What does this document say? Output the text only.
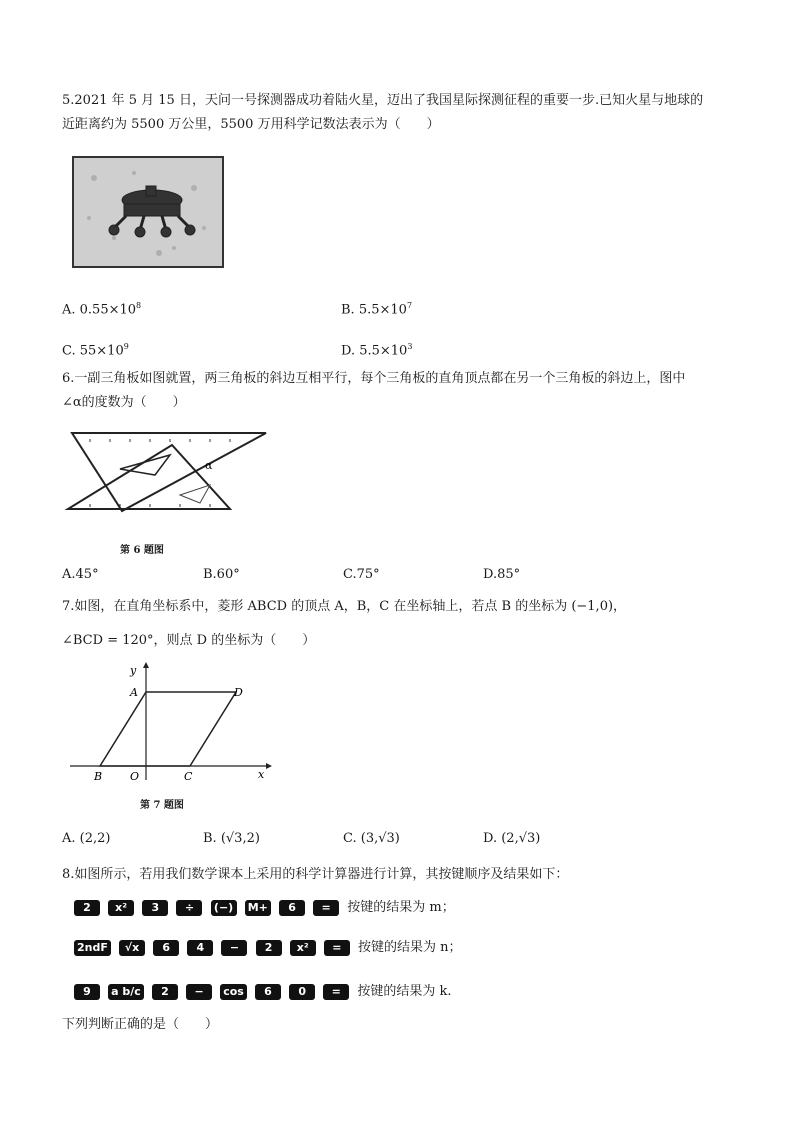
5.2021 年 5 月 15 日，天问一号探测器成功着陆火星，迈出了我国星际探测征程的重要一步.已知火星与地球的
近距离约为 5500 万公里，5500 万用科学记数法表示为（　　）
A. $0.55\times 10^8$	B. $5.5\times 10^7$
C. $55\times 10^9$	D. $5.5\times 10^3$
6.一副三角板如图就置，两三角板的斜边互相平行，每个三角板的直角顶点都在另一个三角板的斜边上，图中
∠α的度数为（　　）
α
第 6 题图
A.45°	B.60°	C.75°	D.85°
7.如图，在直角坐标系中，菱形 ABCD 的顶点 A，B，C 在坐标轴上，若点 B 的坐标为 (−1,0)，
∠BCD = 120°，则点 D 的坐标为（　　）
y
x
A	D
B	O	C
第 7 题图
A. (2,2)	B. (√3,2)	C. (3,√3)	D. (2,√3)
8.如图所示，若用我们数学课本上采用的科学计算器进行计算，其按键顺序及结果如下：
2 x² 3 ÷ (−) M+ 6 = 按键的结果为 m；
2ndF √x 6 4 − 2 x² = 按键的结果为 n；
9 a b/c 2 − cos 6 0 = 按键的结果为 k.
下列判断正确的是（　　）
